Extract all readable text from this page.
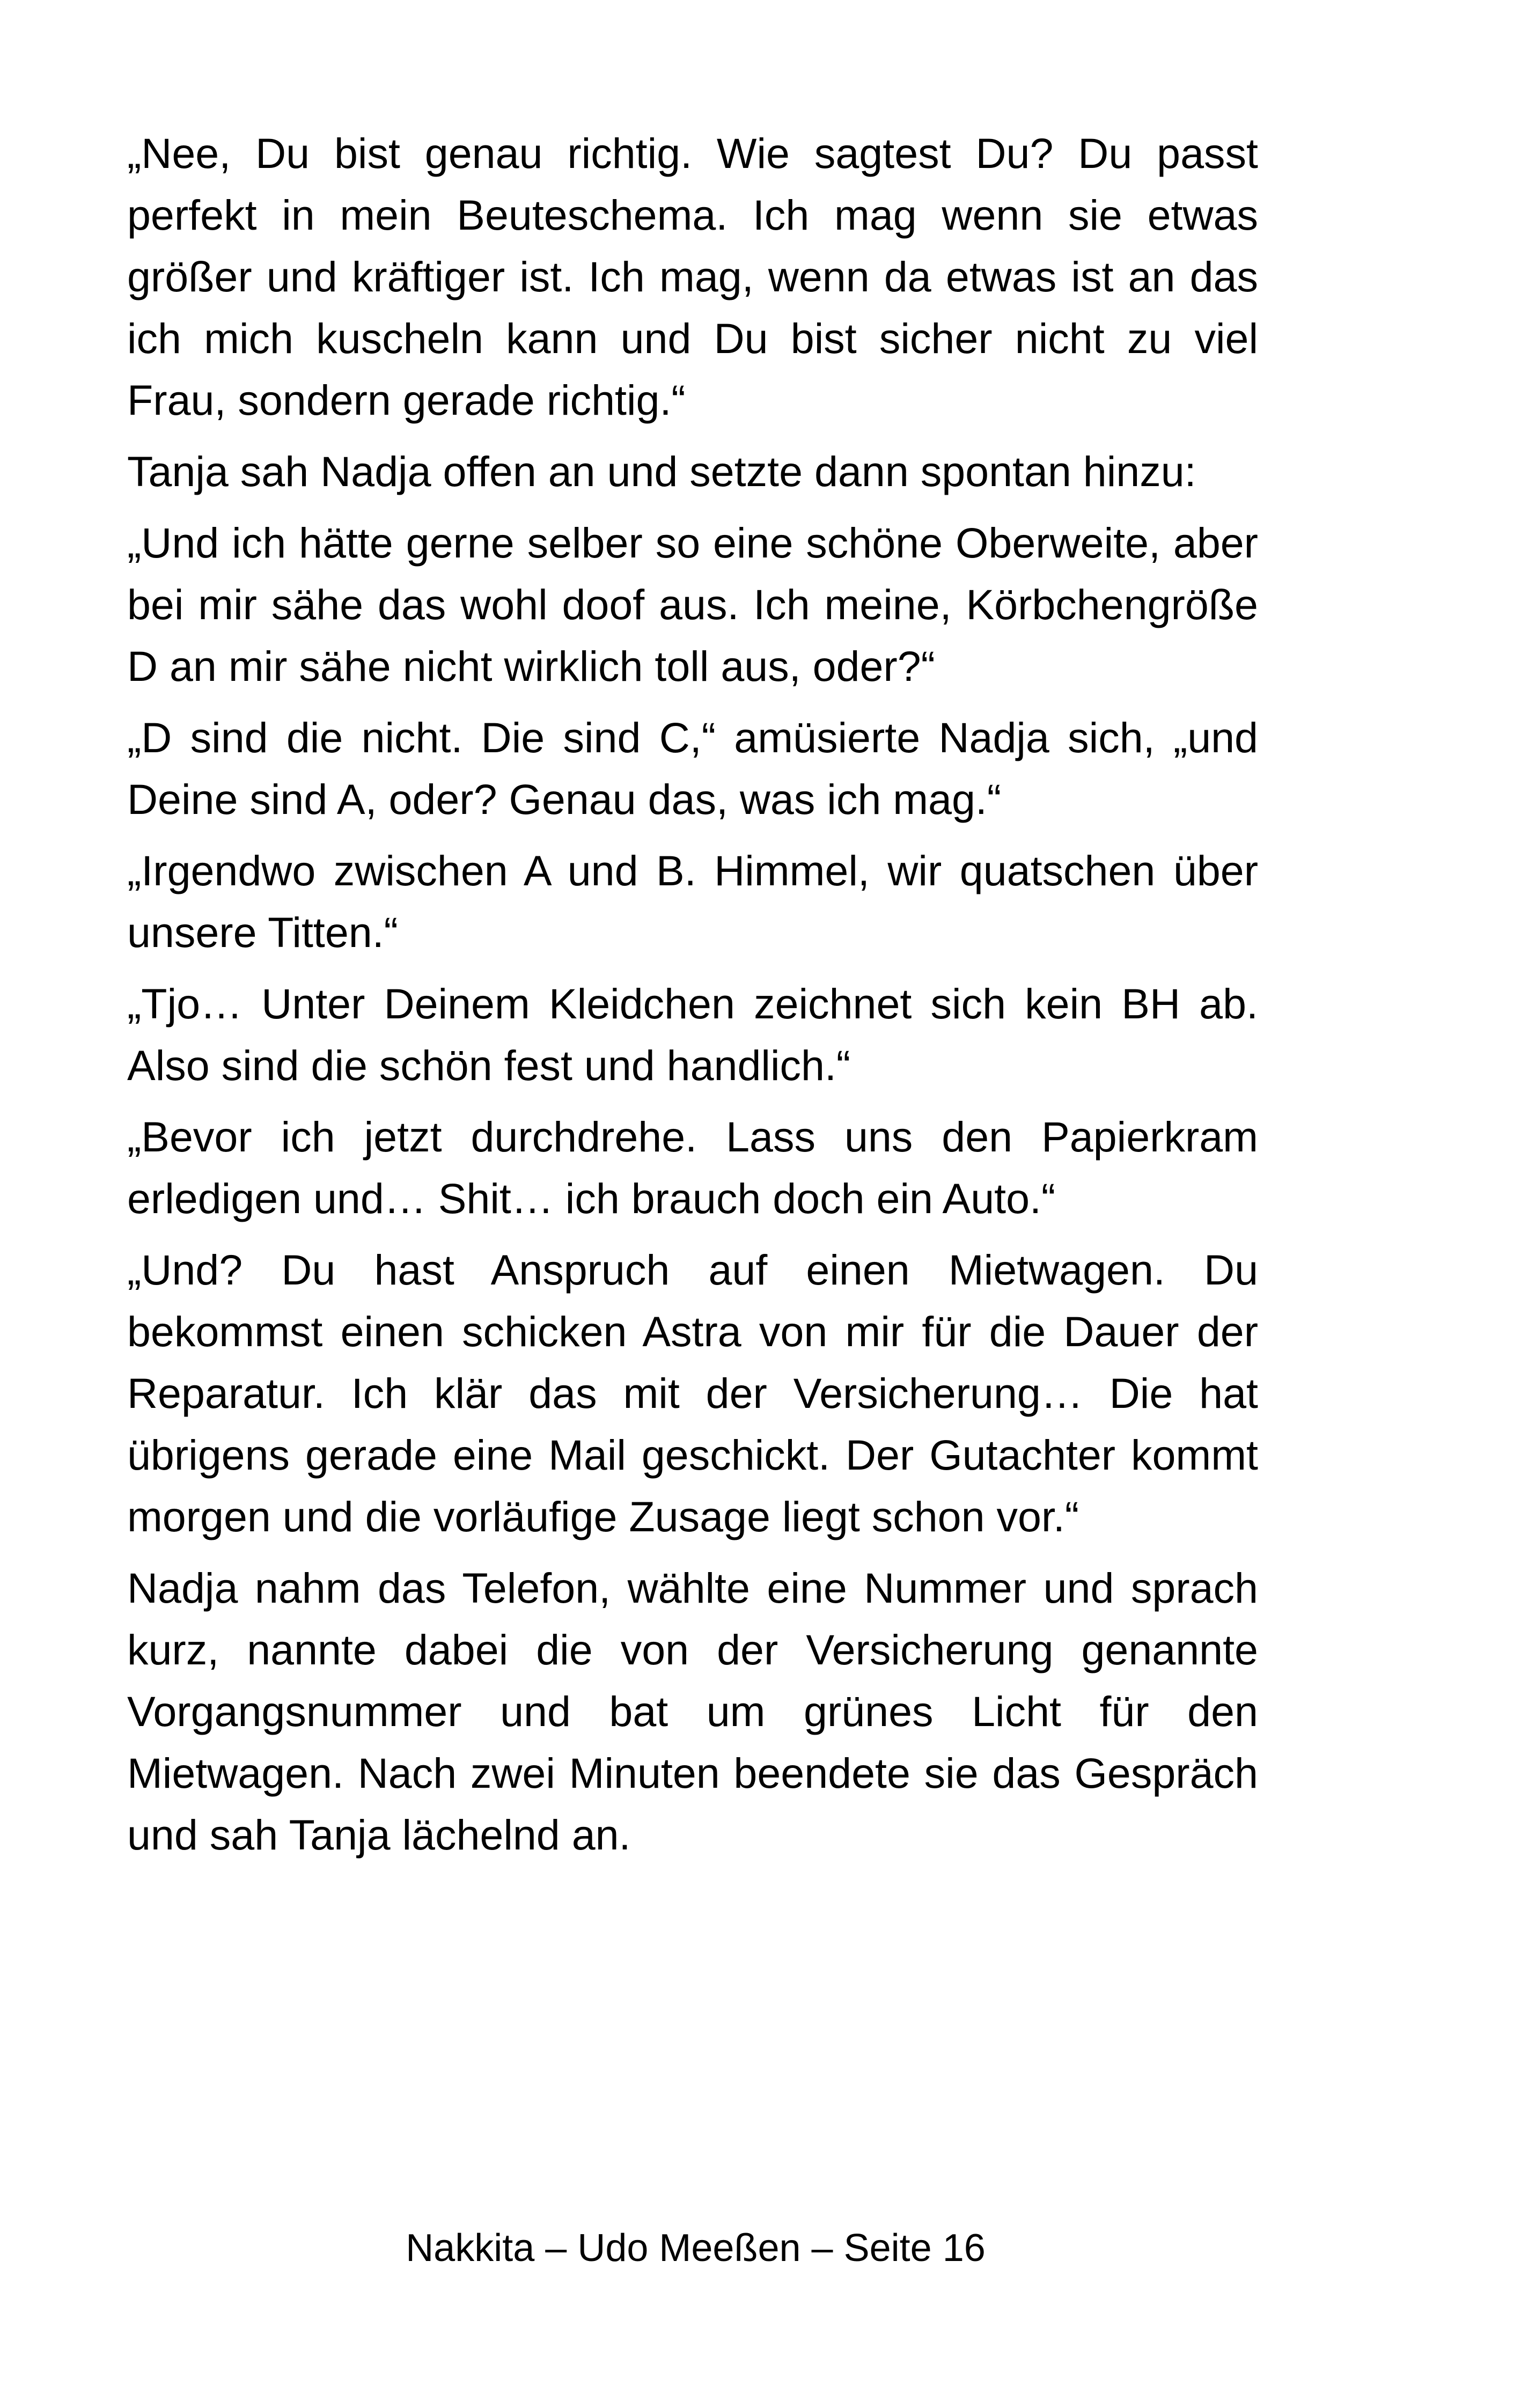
„Nee, Du bist genau richtig. Wie sagtest Du? Du passt perfekt in mein Beuteschema. Ich mag wenn sie etwas größer und kräftiger ist. Ich mag, wenn da etwas ist an das ich mich kuscheln kann und Du bist sicher nicht zu viel Frau, sondern gerade richtig.“

Tanja sah Nadja offen an und setzte dann spontan hinzu:

„Und ich hätte gerne selber so eine schöne Oberweite, aber bei mir sähe das wohl doof aus. Ich meine, Körbchengröße D an mir sähe nicht wirklich toll aus, oder?“

„D sind die nicht. Die sind C,“ amüsierte Nadja sich, „und Deine sind A, oder? Genau das, was ich mag.“

„Irgendwo zwischen A und B. Himmel, wir quatschen über unsere Titten.“

„Tjo… Unter Deinem Kleidchen zeichnet sich kein BH ab. Also sind die schön fest und handlich.“

„Bevor ich jetzt durchdrehe. Lass uns den Papierkram erledigen und… Shit… ich brauch doch ein Auto.“

„Und? Du hast Anspruch auf einen Mietwagen. Du bekommst einen schicken Astra von mir für die Dauer der Reparatur. Ich klär das mit der Versicherung… Die hat übrigens gerade eine Mail geschickt. Der Gutachter kommt morgen und die vorläufige Zusage liegt schon vor.“

Nadja nahm das Telefon, wählte eine Nummer und sprach kurz, nannte dabei die von der Versicherung genannte Vorgangsnummer und bat um grünes Licht für den Mietwagen. Nach zwei Minuten beendete sie das Gespräch und sah Tanja lächelnd an.

Nakkita – Udo Meeßen – Seite 16
